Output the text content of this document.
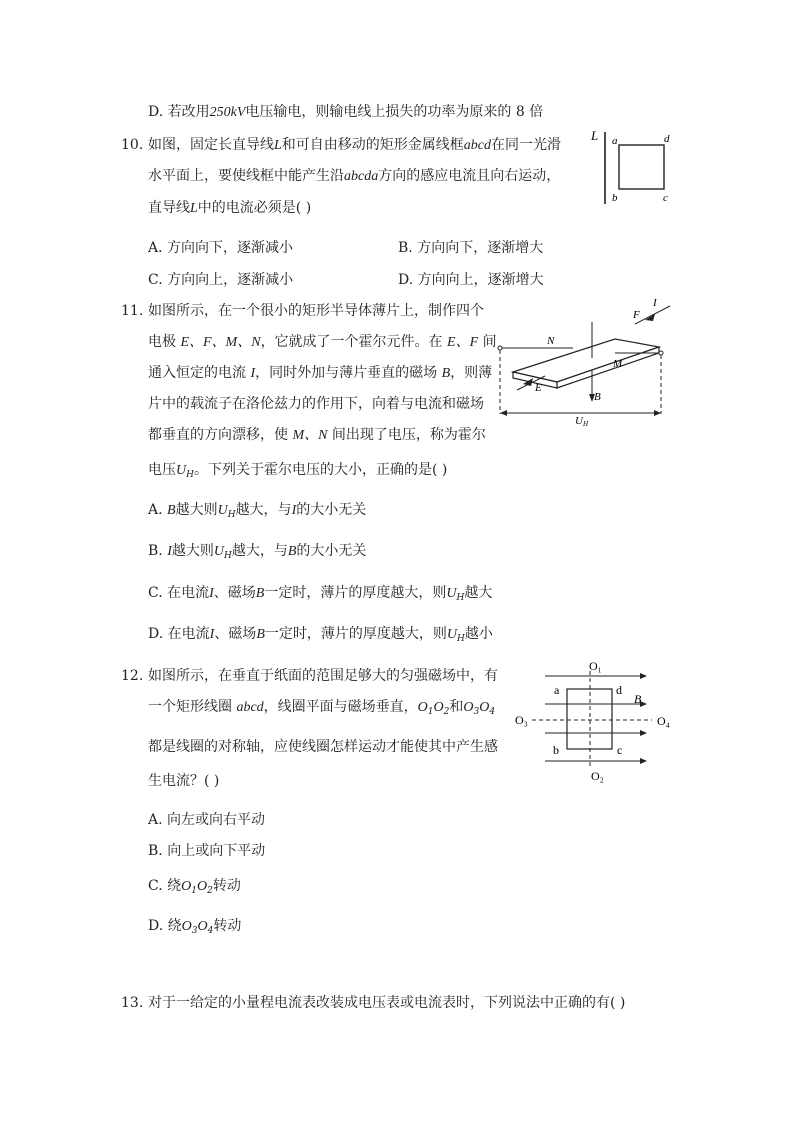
D. 若改用250kV电压输电，则输电线上损失的功率为原来的 8 倍
10. 如图，固定长直导线L和可自由移动的矩形金属线框abcd在同一光滑
水平面上，要使线框中能产生沿abcda方向的感应电流且向右运动，
直导线L中的电流必须是( )
L a	d
b	c
A. 方向向下，逐渐减小	B. 方向向下，逐渐增大
C. 方向向上，逐渐减小	D. 方向向上，逐渐增大
11. 如图所示，在一个很小的矩形半导体薄片上，制作四个
电极 E、F、M、N，它就成了一个霍尔元件。在 E、F 间
通入恒定的电流 I，同时外加与薄片垂直的磁场 B，则薄
片中的载流子在洛伦兹力的作用下，向着与电流和磁场
都垂直的方向漂移，使 M、N 间出现了电压，称为霍尔
电压$U_H$。下列关于霍尔电压的大小，正确的是( )
B
F
I
E
N
M
UH
A. B越大则$U_H$越大，与I的大小无关
B. I越大则$U_H$越大，与B的大小无关
C. 在电流I、磁场B一定时，薄片的厚度越大，则$U_H$越大
D. 在电流I、磁场B一定时，薄片的厚度越大，则$U_H$越小
12. 如图所示，在垂直于纸面的范围足够大的匀强磁场中，有
一个矩形线圈 abcd，线圈平面与磁场垂直，$O_1O_2$和$O_3O_4$
都是线圈的对称轴，应使线圈怎样运动才能使其中产生感
生电流？( )
O₁
O₂
O₃	O₄
a	d
b	c
B
A. 向左或向右平动
B. 向上或向下平动
C. 绕$O_1O_2$转动
D. 绕$O_3O_4$转动
13. 对于一给定的小量程电流表改装成电压表或电流表时，下列说法中正确的有( )
